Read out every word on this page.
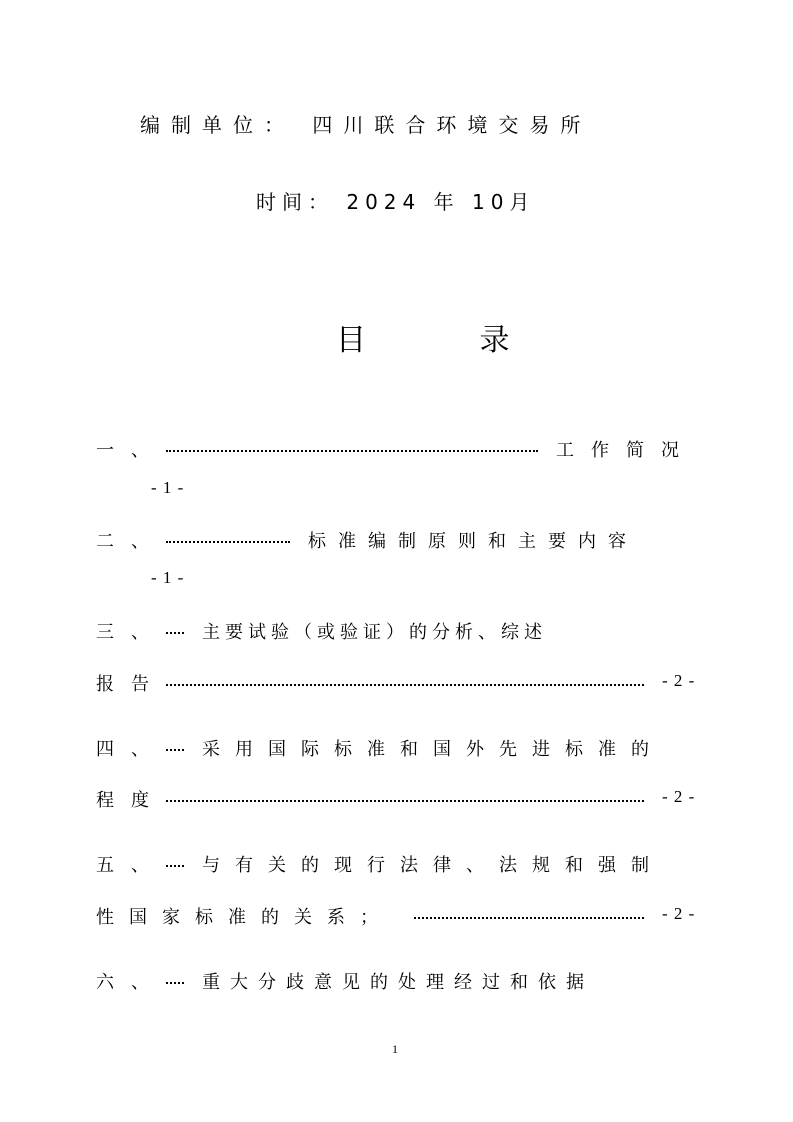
编制单位： 四川联合环境交易所
时间： 2024 年 10月
目 录
一、	工作简况
- 1 -
二、	标准编制原则和主要内容
- 1 -
三、 主要试验（或验证）的分析、综述
报告	- 2 -
四、 采用国际标准和国外先进标准的
程度	- 2 -
五、 与有关的现行法律、法规和强制
性国家标准的关系；	- 2 -
六、 重大分歧意见的处理经过和依据
1
